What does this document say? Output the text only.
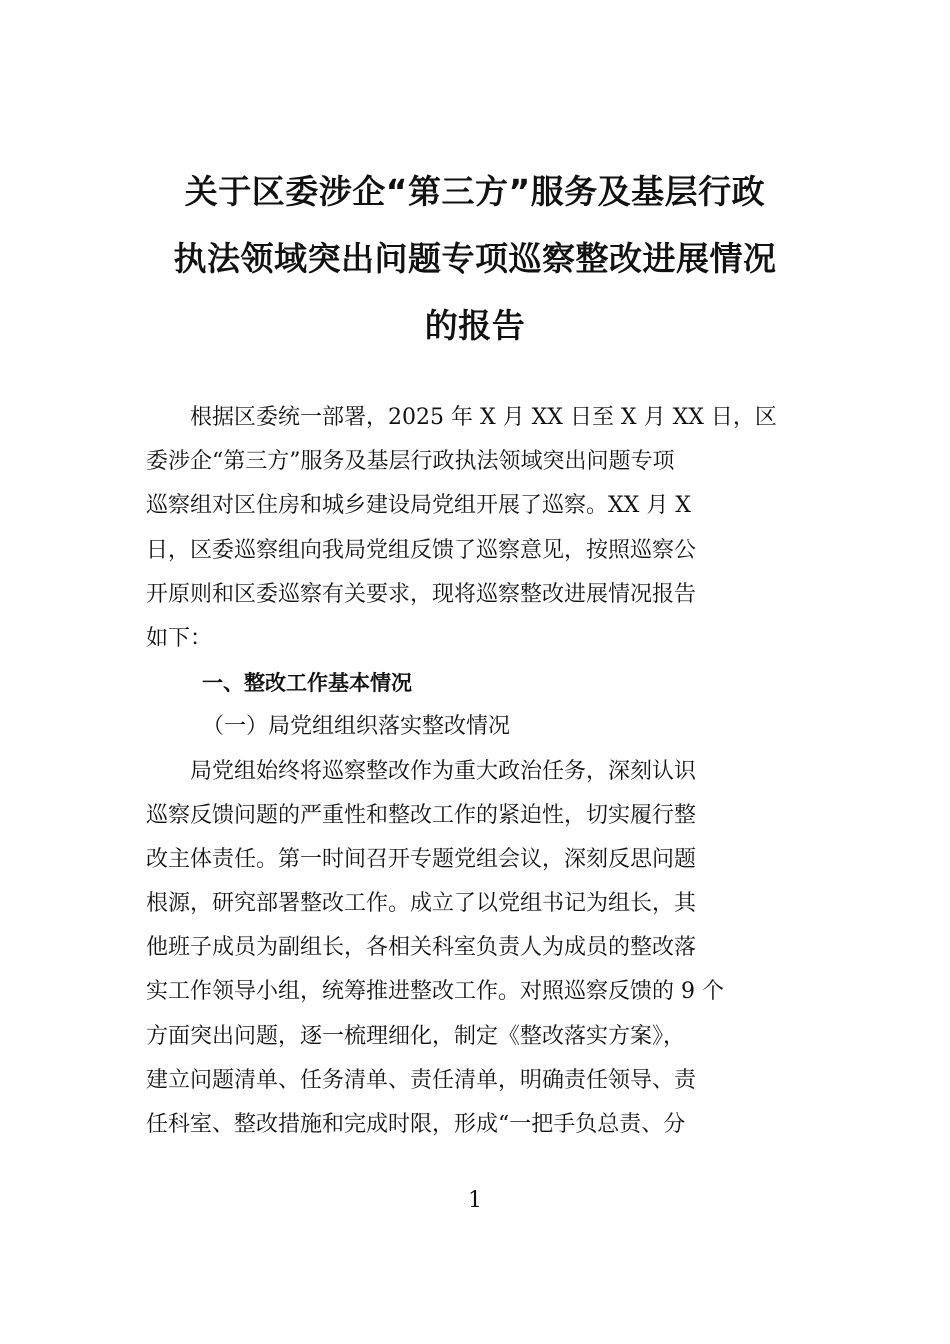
关于区委涉企“第三方”服务及基层行政
执法领域突出问题专项巡察整改进展情况
的报告
根据区委统一部署，2025 年 X 月 XX 日至 X 月 XX 日，区
委涉企“第三方”服务及基层行政执法领域突出问题专项
巡察组对区住房和城乡建设局党组开展了巡察。XX 月 X
日，区委巡察组向我局党组反馈了巡察意见，按照巡察公
开原则和区委巡察有关要求，现将巡察整改进展情况报告
如下：
一、整改工作基本情况
（一）局党组组织落实整改情况
局党组始终将巡察整改作为重大政治任务，深刻认识
巡察反馈问题的严重性和整改工作的紧迫性，切实履行整
改主体责任。第一时间召开专题党组会议，深刻反思问题
根源，研究部署整改工作。成立了以党组书记为组长，其
他班子成员为副组长，各相关科室负责人为成员的整改落
实工作领导小组，统筹推进整改工作。对照巡察反馈的 9 个
方面突出问题，逐一梳理细化，制定《整改落实方案》，
建立问题清单、任务清单、责任清单，明确责任领导、责
任科室、整改措施和完成时限，形成“一把手负总责、分
1
